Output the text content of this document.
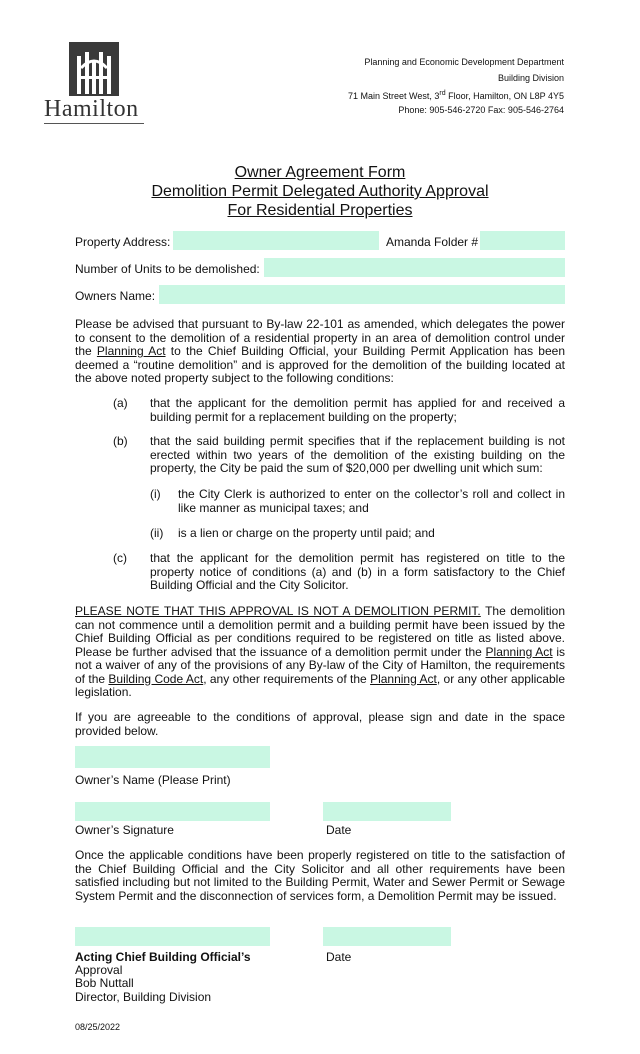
Hamilton
Planning and Economic Development Department
Building Division
71 Main Street West, 3rd Floor, Hamilton, ON L8P 4Y5
Phone: 905-546-2720 Fax: 905-546-2764
Owner Agreement Form
Demolition Permit Delegated Authority Approval
For Residential Properties
Property Address:	Amanda Folder #
Number of Units to be demolished:
Owners Name:
Please be advised that pursuant to By-law 22-101 as amended, which delegates the power to consent to the demolition of a residential property in an area of demolition control under the Planning Act to the Chief Building Official, your Building Permit Application has been deemed a “routine demolition” and is approved for the demolition of the building located at the above noted property subject to the following conditions:
(a) that the applicant for the demolition permit has applied for and received a building permit for a replacement building on the property;
(b) that the said building permit specifies that if the replacement building is not erected within two years of the demolition of the existing building on the property, the City be paid the sum of $20,000 per dwelling unit which sum:
(i) the City Clerk is authorized to enter on the collector’s roll and collect in like manner as municipal taxes; and
(ii) is a lien or charge on the property until paid; and
(c) that the applicant for the demolition permit has registered on title to the property notice of conditions (a) and (b) in a form satisfactory to the Chief Building Official and the City Solicitor.
PLEASE NOTE THAT THIS APPROVAL IS NOT A DEMOLITION PERMIT. The demolition can not commence until a demolition permit and a building permit have been issued by the Chief Building Official as per conditions required to be registered on title as listed above. Please be further advised that the issuance of a demolition permit under the Planning Act is not a waiver of any of the provisions of any By-law of the City of Hamilton, the requirements of the Building Code Act, any other requirements of the Planning Act, or any other applicable legislation.
If you are agreeable to the conditions of approval, please sign and date in the space provided below.
Owner’s Name (Please Print)
Owner’s Signature	Date
Once the applicable conditions have been properly registered on title to the satisfaction of the Chief Building Official and the City Solicitor and all other requirements have been satisfied including but not limited to the Building Permit, Water and Sewer Permit or Sewage System Permit and the disconnection of services form, a Demolition Permit may be issued.
Acting Chief Building Official’s	Date
Approval
Bob Nuttall
Director, Building Division
08/25/2022
